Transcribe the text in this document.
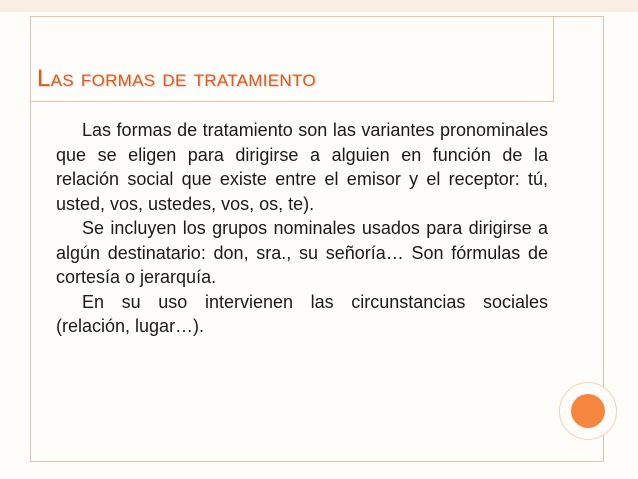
Las formas de tratamiento

Las formas de tratamiento son las variantes pronominales que se eligen para dirigirse a alguien en función de la relación social que existe entre el emisor y el receptor: tú, usted, vos, ustedes, vos, os, te).

Se incluyen los grupos nominales usados para dirigirse a algún destinatario: don, sra., su señoría… Son fórmulas de cortesía o jerarquía.

En su uso intervienen las circunstancias sociales (relación, lugar…).
